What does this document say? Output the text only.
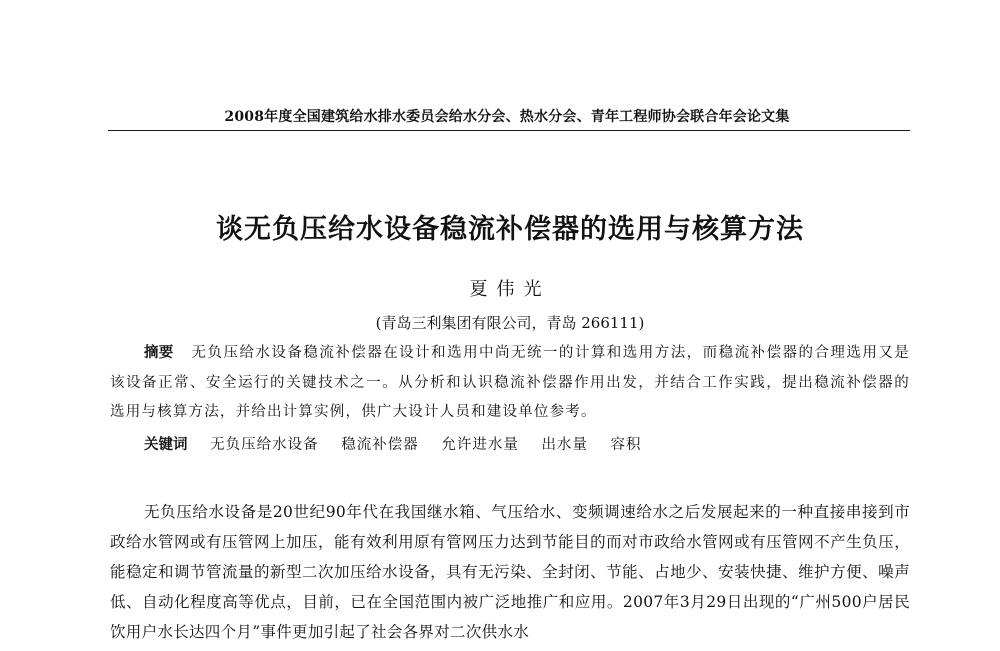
2008年度全国建筑给水排水委员会给水分会、热水分会、青年工程师协会联合年会论文集
谈无负压给水设备稳流补偿器的选用与核算方法
夏伟光
(青岛三利集团有限公司，青岛 266111)

摘要 无负压给水设备稳流补偿器在设计和选用中尚无统一的计算和选用方法，而稳流补偿器的合理选用又是该设备正常、安全运行的关键技术之一。从分析和认识稳流补偿器作用出发，并结合工作实践，提出稳流补偿器的选用与核算方法，并给出计算实例，供广大设计人员和建设单位参考。

关键词 无负压给水设备 稳流补偿器 允许进水量 出水量 容积

无负压给水设备是20世纪90年代在我国继水箱、气压给水、变频调速给水之后发展起来的一种直接串接到市政给水管网或有压管网上加压，能有效利用原有管网压力达到节能目的而对市政给水管网或有压管网不产生负压，能稳定和调节管流量的新型二次加压给水设备，具有无污染、全封闭、节能、占地少、安装快捷、维护方便、噪声低、自动化程度高等优点，目前，已在全国范围内被广泛地推广和应用。2007年3月29日出现的“广州500户居民饮用户水长达四个月”事件更加引起了社会各界对二次供水水
